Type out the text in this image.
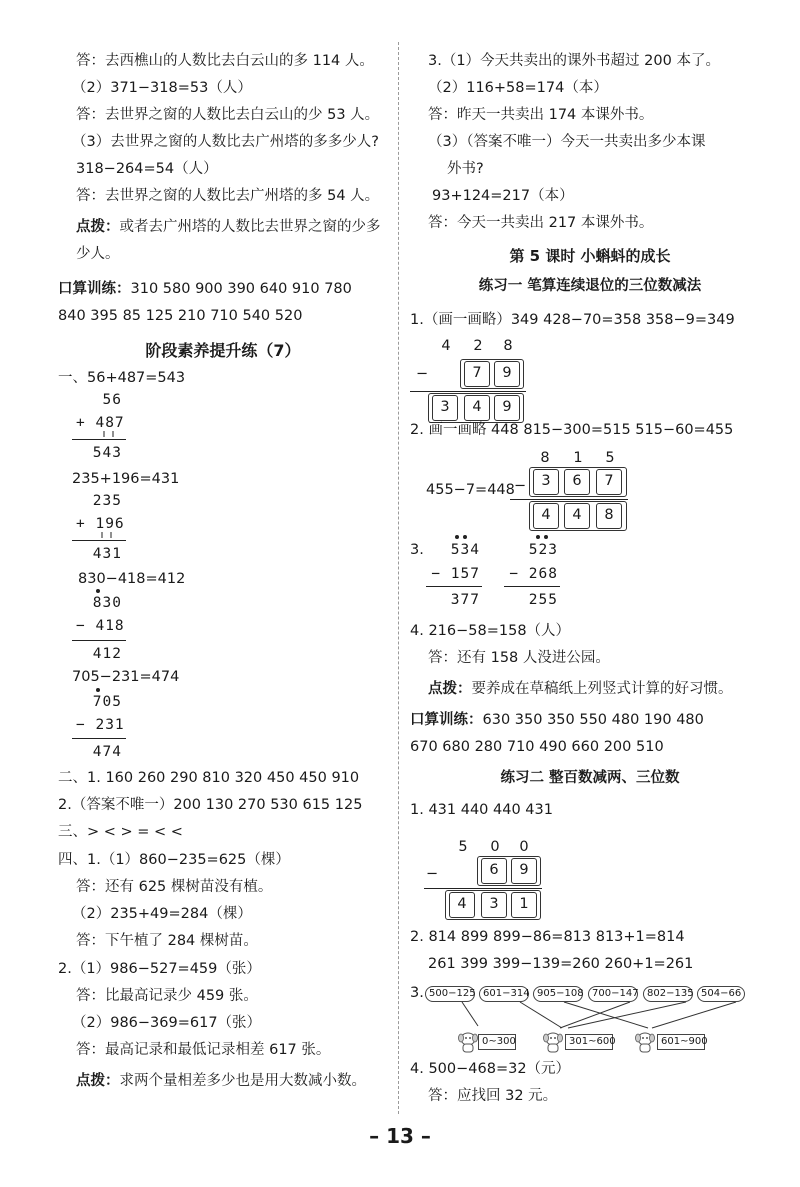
答：去西樵山的人数比去白云山的多 114 人。
（2）371−318=53（人）
答：去世界之窗的人数比去白云山的少 53 人。
（3）去世界之窗的人数比去广州塔的多多少人?
318−264=54（人）
答：去世界之窗的人数比去广州塔的多 54 人。
点拨：或者去广州塔的人数比去世界之窗的少多
少人。
口算训练：310 580 900 390 640 910 780
840 395 85 125 210 710 540 520
阶段素养提升练（7）
一、56+487=543
56
+ 487
543
235+196=431
235
+ 196
431
830−418=412
830
− 418
412
705−231=474
705
− 231
474
二、1. 160 260 290 810 320 450 450 910
2.（答案不唯一）200 130 270 530 615 125
三、> < > = < <
四、1.（1）860−235=625（棵）
答：还有 625 棵树苗没有植。
（2）235+49=284（棵）
答：下午植了 284 棵树苗。
2.（1）986−527=459（张）
答：比最高记录少 459 张。
（2）986−369=617（张）
答：最高记录和最低记录相差 617 张。
点拨：求两个量相差多少也是用大数减小数。
3.（1）今天共卖出的课外书超过 200 本了。
（2）116+58=174（本）
答：昨天一共卖出 174 本课外书。
（3）（答案不唯一）今天一共卖出多少本课
外书?
93+124=217（本）
答：今天一共卖出 217 本课外书。
第 5 课时 小蝌蚪的成长
练习一 笔算连续退位的三位数减法
1.（画一画略）349 428−70=358 358−9=349
4 2 8
−	7	9
3	4	9
2. 画一画略 448 815−300=515 515−60=455
8 1 5
455−7=448 −	3	6	7
4	4	8
3.	534
− 157
377
523
− 268
255
4. 216−58=158（人）
答：还有 158 人没进公园。
点拨：要养成在草稿纸上列竖式计算的好习惯。
口算训练：630 350 350 550 480 190 480
670 680 280 710 490 660 200 510
练习二 整百数减两、三位数
1. 431 440 440 431
5 0 0
−	6	9
4	3	1
2. 814 899 899−86=813 813+1=814
261 399 399−139=260 260+1=261
3. 500−125 601−314 905−108 700−147 802−135 504−66
0~300	301~600	601~900
4. 500−468=32（元）
答：应找回 32 元。
– 13 –
